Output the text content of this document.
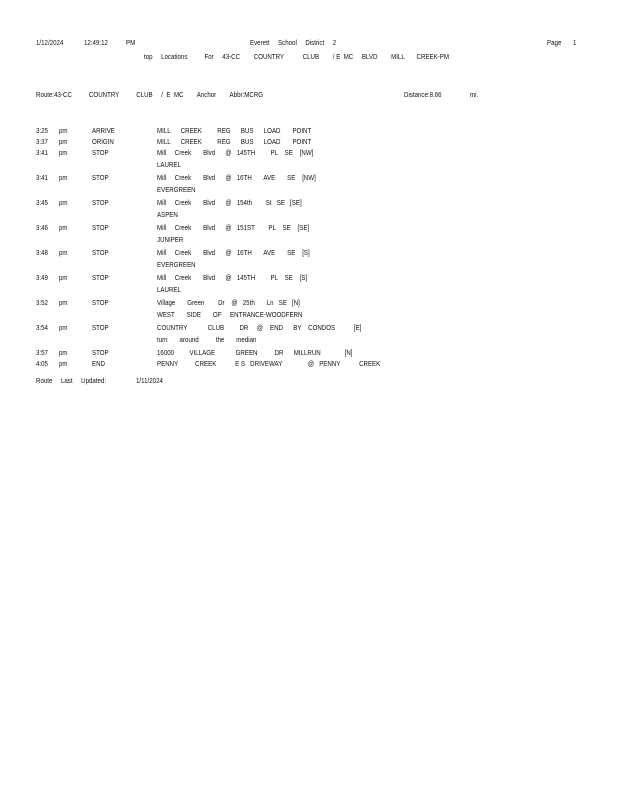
1/12/2024	12:49:12 PM	Everett     School     District     2	Page 1
top     Locations          For     43-CC        COUNTRY           CLUB        / E  MC     BLVD        MILL       CREEK-PM
Route:43-CC          COUNTRY          CLUB     /  E  MC        Anchor        Abbr:MCRG	Distance:8.66	mi.
3:25 pm	ARRIVE	MILL      CREEK         REG      BUS      LOAD       POINT
3:37 pm	ORIGIN	MILL      CREEK         REG      BUS      LOAD       POINT
3:41 pm	STOP	Mill     Creek       Blvd      @   145TH         PL    SE    [NW]
LAUREL
3:41 pm	STOP	Mill     Creek       Blvd      @   16TH       AVE       SE    [NW]
EVERGREEN
3:45 pm	STOP	Mill     Creek       Blvd      @   154th        St   SE   [SE]
ASPEN
3:46 pm	STOP	Mill     Creek       Blvd      @   151ST        PL    SE    [SE]
JUNIPER
3:48 pm	STOP	Mill     Creek       Blvd      @   16TH       AVE       SE    [S]
EVERGREEN
3:49 pm	STOP	Mill     Creek       Blvd      @   145TH         PL    SE    [S]
LAUREL
3:52 pm	STOP	Village       Green        Dr    @   25th       Ln   SE   [N]
WEST       SIDE       OF     ENTRANCE-WOODFERN
3:54 pm	STOP	COUNTRY            CLUB         DR     @    END      BY    CONDOS           [E]
turn       around          the       median
3:57 pm	STOP	16000         VILLAGE            GREEN          DR      MILLRUN              [N]
4:05 pm	END	PENNY          CREEK           E S   DRIVEWAY               @   PENNY           CREEK
Route     Last     Updated:	1/11/2024
